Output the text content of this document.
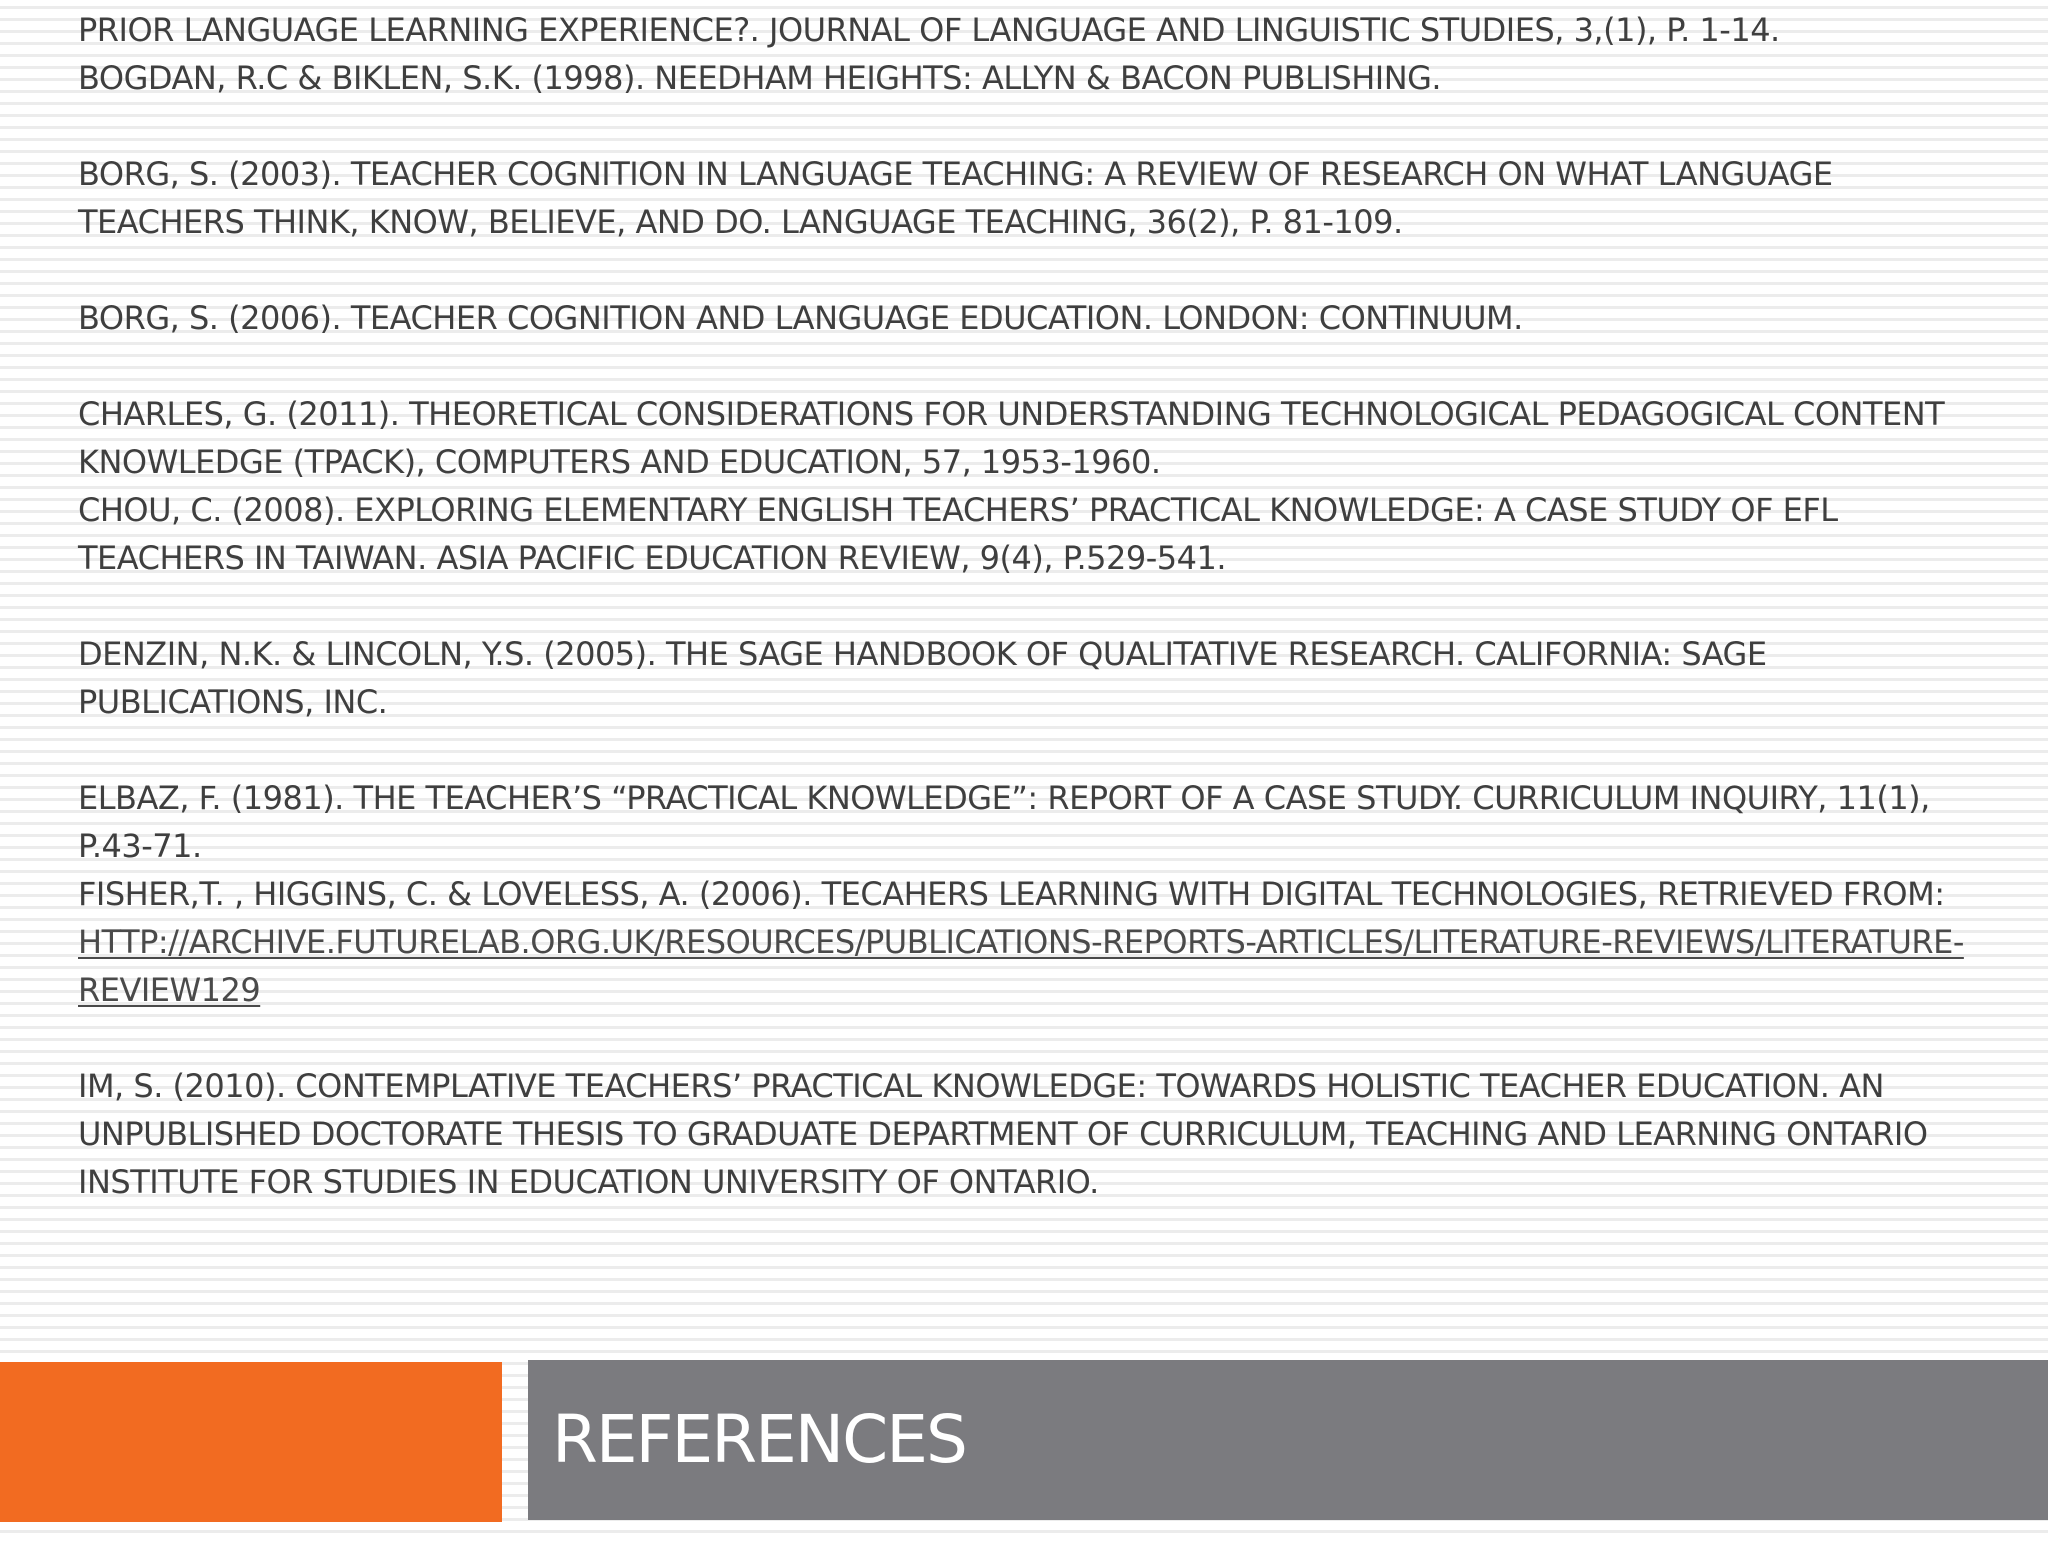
PRIOR LANGUAGE LEARNING EXPERIENCE?. JOURNAL OF LANGUAGE AND LINGUISTIC STUDIES, 3,(1), P. 1-14.

BOGDAN, R.C & BIKLEN, S.K. (1998). NEEDHAM HEIGHTS: ALLYN & BACON PUBLISHING.

BORG, S. (2003). TEACHER COGNITION IN LANGUAGE TEACHING: A REVIEW OF RESEARCH ON WHAT LANGUAGE TEACHERS THINK, KNOW, BELIEVE, AND DO. LANGUAGE TEACHING, 36(2), P. 81-109.

BORG, S. (2006). TEACHER COGNITION AND LANGUAGE EDUCATION. LONDON: CONTINUUM.

CHARLES, G. (2011). THEORETICAL CONSIDERATIONS FOR UNDERSTANDING TECHNOLOGICAL PEDAGOGICAL CONTENT KNOWLEDGE (TPACK), COMPUTERS AND EDUCATION, 57, 1953-1960.

CHOU, C. (2008). EXPLORING ELEMENTARY ENGLISH TEACHERS’ PRACTICAL KNOWLEDGE: A CASE STUDY OF EFL TEACHERS IN TAIWAN. ASIA PACIFIC EDUCATION REVIEW, 9(4), P.529-541.

DENZIN, N.K. & LINCOLN, Y.S. (2005). THE SAGE HANDBOOK OF QUALITATIVE RESEARCH. CALIFORNIA: SAGE PUBLICATIONS, INC.

ELBAZ, F. (1981). THE TEACHER’S “PRACTICAL KNOWLEDGE”: REPORT OF A CASE STUDY. CURRICULUM INQUIRY, 11(1), P.43-71.

FISHER,T. , HIGGINS, C. & LOVELESS, A. (2006). TECAHERS LEARNING WITH DIGITAL TECHNOLOGIES, RETRIEVED FROM: HTTP://ARCHIVE.FUTURELAB.ORG.UK/RESOURCES/PUBLICATIONS-REPORTS-ARTICLES/LITERATURE-REVIEWS/LITERATURE-REVIEW129

IM, S. (2010). CONTEMPLATIVE TEACHERS’ PRACTICAL KNOWLEDGE: TOWARDS HOLISTIC TEACHER EDUCATION. AN UNPUBLISHED DOCTORATE THESIS TO GRADUATE DEPARTMENT OF CURRICULUM, TEACHING AND LEARNING ONTARIO INSTITUTE FOR STUDIES IN EDUCATION UNIVERSITY OF ONTARIO.

REFERENCES
